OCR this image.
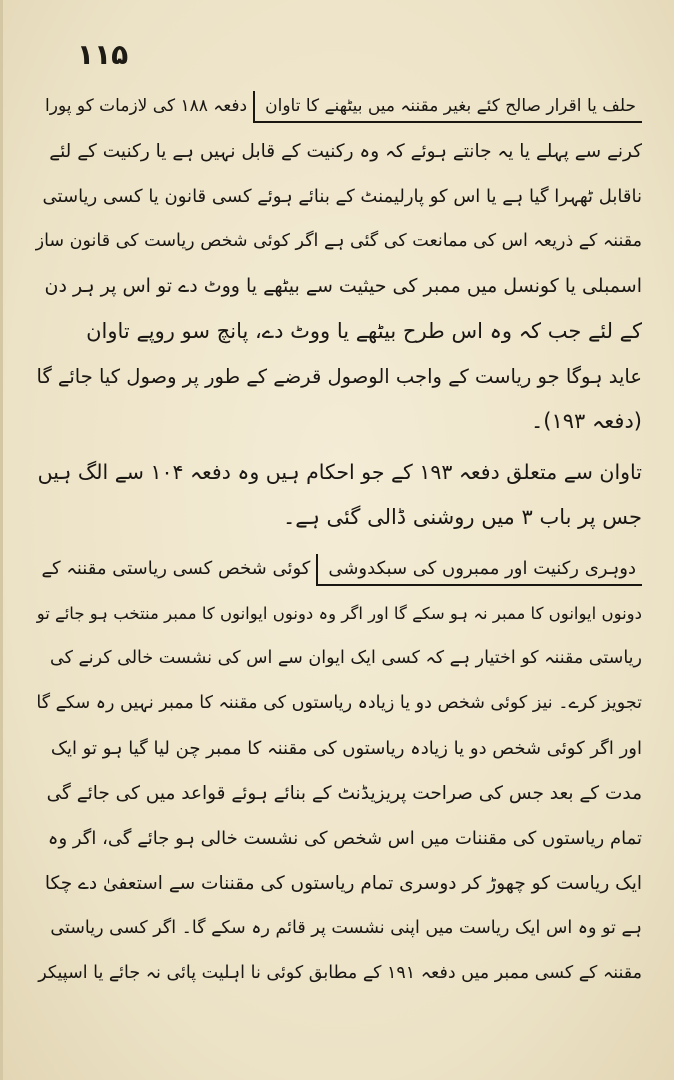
۱۱۵
حلف یا اقرار صالح کئے بغیر مقننہ میں بیٹھنے کا تاواندفعہ ۱۸۸ کی لازمات کو پورا
کرنے سے پہلے یا یہ جانتے ہوئے کہ وہ رکنیت کے قابل نہیں ہے یا رکنیت کے لئے
ناقابل ٹھہرا گیا ہے یا اس کو پارلیمنٹ کے بنائے ہوئے کسی قانون یا کسی ریاستی
مقننہ کے ذریعہ اس کی ممانعت کی گئی ہے اگر کوئی شخص ریاست کی قانون ساز
اسمبلی یا کونسل میں ممبر کی حیثیت سے بیٹھے یا ووٹ دے تو اس پر ہر دن
کے لئے جب کہ وہ اس طرح بیٹھے یا ووٹ دے، پانچ سو روپے تاوان
عاید ہوگا جو ریاست کے واجب الوصول قرضے کے طور پر وصول کیا جائے گا
(دفعہ ۱۹۳)۔
تاوان سے متعلق دفعہ ۱۹۳ کے جو احکام ہیں وہ دفعہ ۱۰۴ سے الگ ہیں
جس پر باب ۳ میں روشنی ڈالی گئی ہے۔
دوہری رکنیت اور ممبروں کی سبکدوشیکوئی شخص کسی ریاستی مقننہ کے
دونوں ایوانوں کا ممبر نہ ہو سکے گا اور اگر وہ دونوں ایوانوں کا ممبر منتخب ہو جائے تو
ریاستی مقننہ کو اختیار ہے کہ کسی ایک ایوان سے اس کی نشست خالی کرنے کی
تجویز کرے۔ نیز کوئی شخص دو یا زیادہ ریاستوں کی مقننہ کا ممبر نہیں رہ سکے گا
اور اگر کوئی شخص دو یا زیادہ ریاستوں کی مقننہ کا ممبر چن لیا گیا ہو تو ایک
مدت کے بعد جس کی صراحت پریزیڈنٹ کے بنائے ہوئے قواعد میں کی جائے گی
تمام ریاستوں کی مقننات میں اس شخص کی نشست خالی ہو جائے گی، اگر وہ
ایک ریاست کو چھوڑ کر دوسری تمام ریاستوں کی مقننات سے استعفیٰ دے چکا
ہے تو وہ اس ایک ریاست میں اپنی نشست پر قائم رہ سکے گا۔ اگر کسی ریاستی
مقننہ کے کسی ممبر میں دفعہ ۱۹۱ کے مطابق کوئی نا اہلیت پائی نہ جائے یا اسپیکر
